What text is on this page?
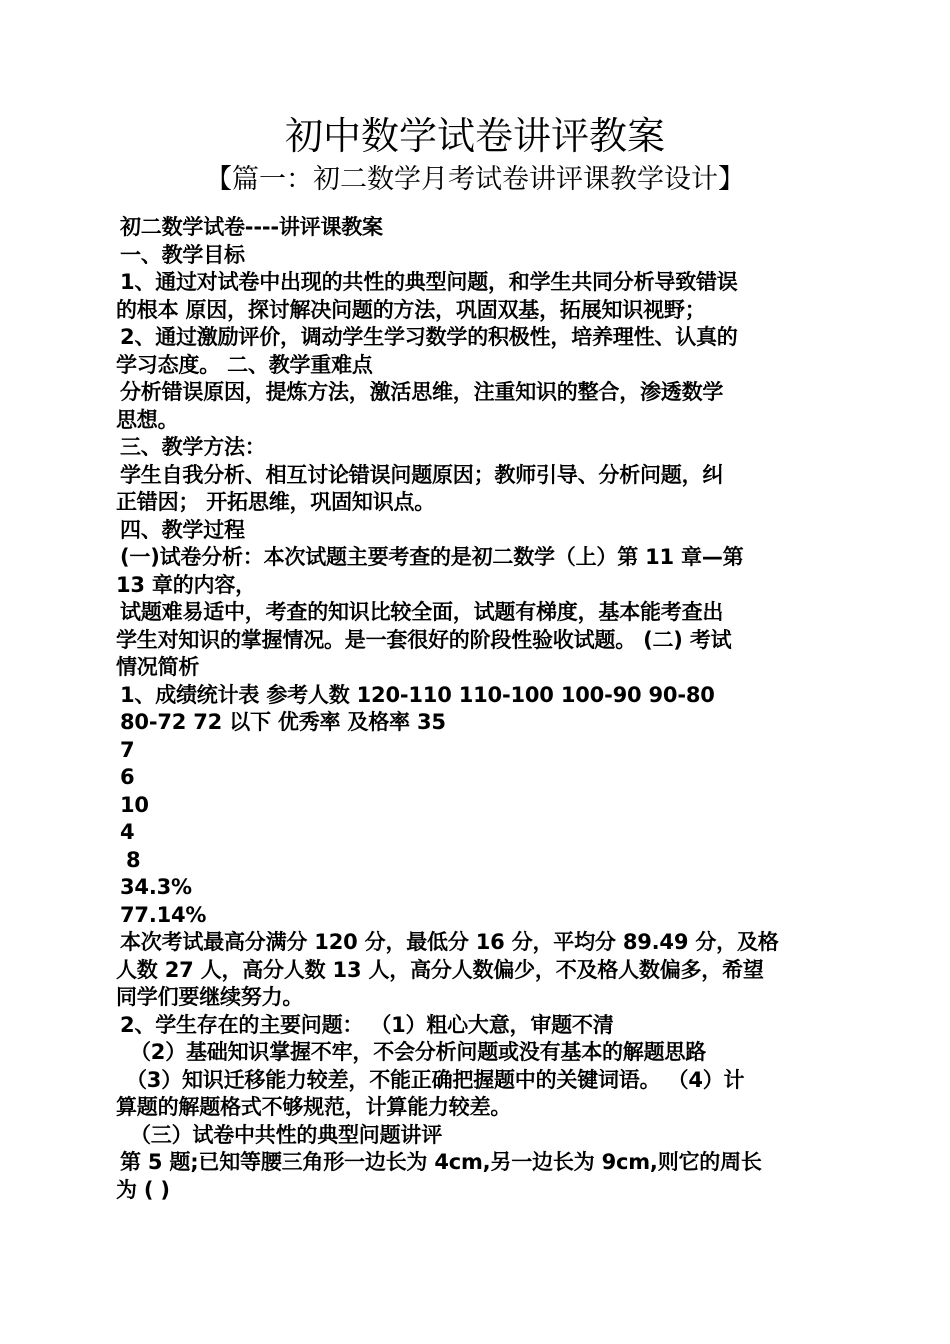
初中数学试卷讲评教案
【篇一：初二数学月考试卷讲评课教学设计】
初二数学试卷----讲评课教案
一、教学目标
1、通过对试卷中出现的共性的典型问题，和学生共同分析导致错误
的根本 原因，探讨解决问题的方法，巩固双基，拓展知识视野；
2、通过激励评价，调动学生学习数学的积极性，培养理性、认真的
学习态度。 二、教学重难点
分析错误原因，提炼方法，激活思维，注重知识的整合，渗透数学
思想。
三、教学方法：
学生自我分析、相互讨论错误问题原因；教师引导、分析问题，纠
正错因； 开拓思维，巩固知识点。
四、教学过程
(一)试卷分析：本次试题主要考查的是初二数学（上）第 11 章—第
13 章的内容，
试题难易适中，考查的知识比较全面，试题有梯度，基本能考查出
学生对知识的掌握情况。是一套很好的阶段性验收试题。 (二) 考试
情况简析
1、成绩统计表 参考人数 120-110 110-100 100-90 90-80
80-72 72 以下 优秀率 及格率 35
7
6
10
4
8
34.3%
77.14%
本次考试最高分满分 120 分，最低分 16 分，平均分 89.49 分，及格
人数 27 人，高分人数 13 人，高分人数偏少，不及格人数偏多，希望
同学们要继续努力。
2、学生存在的主要问题： （1）粗心大意，审题不清
（2）基础知识掌握不牢，不会分析问题或没有基本的解题思路
（3）知识迁移能力较差，不能正确把握题中的关键词语。 （4）计
算题的解题格式不够规范，计算能力较差。
（三）试卷中共性的典型问题讲评
第 5 题;已知等腰三角形一边长为 4cm,另一边长为 9cm,则它的周长
为 ( )
